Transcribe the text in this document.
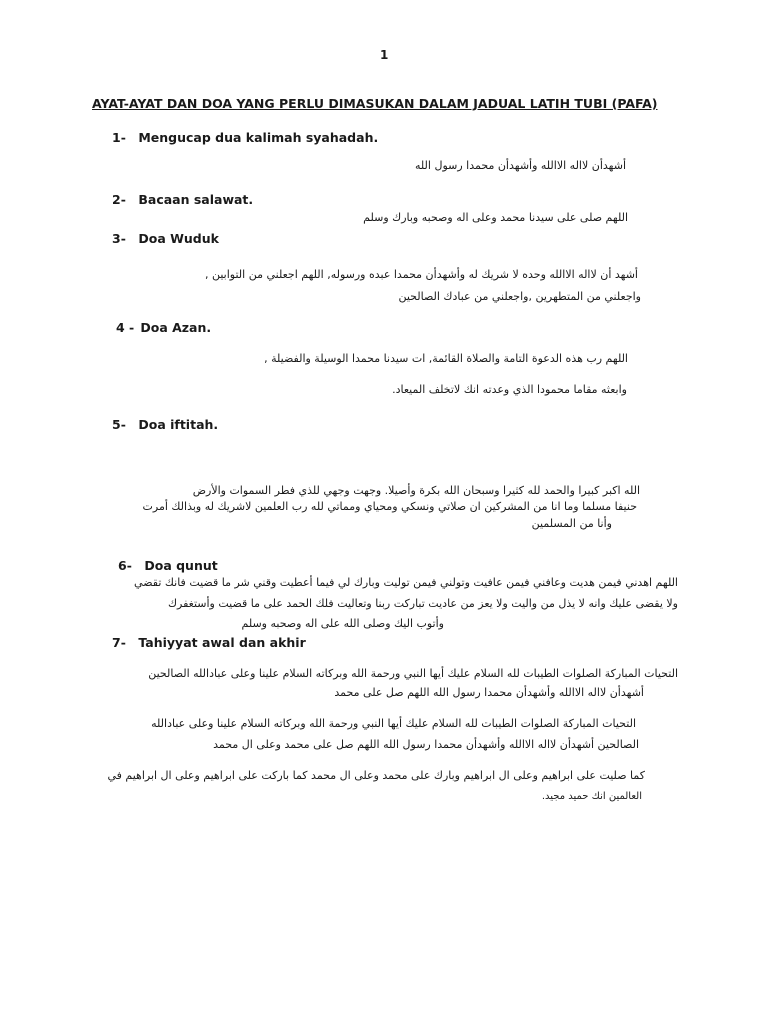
1
AYAT-AYAT DAN DOA YANG PERLU DIMASUKAN DALAM JADUAL LATIH TUBI (PAFA)
1- Mengucap dua kalimah syahadah.
أشهدأن لااله الاالله وأشهدأن محمدا رسول الله
2- Bacaan salawat.
اللهم صلى على سيدنا محمد وعلى اله وصحبه وبارك وسلم
3- Doa Wuduk
أشهد أن لااله الاالله وحده لا شريك له وأشهدأن محمدا عبده ورسوله, اللهم اجعلني من التوابين ,
واجعلني من المتطهرين ,واجعلني من عبادك الصالحين
4 - Doa Azan.
اللهم رب هذه الدعوة التامة والصلاة القائمة, ات سيدنا محمدا الوسيلة والفضيلة ,
وابعثه مقاما محمودا الذي وعدته انك لاتخلف الميعاد.
5- Doa iftitah.
الله اكبر كبيرا والحمد لله كثيرا وسبحان الله بكرة وأصيلا. وجهت وجهي للذي فطر السموات والأرض
حنيفا مسلما وما انا من المشركين ان صلاتي ونسكي ومحياي ومماتي لله رب العلمين لاشريك له وبذالك أمرت
وأنا من المسلمين
6- Doa qunut
اللهم اهدني فيمن هديت وعافني فيمن عافيت وتولني فيمن توليت وبارك لي فيما أعطيت وقني شر ما قضيت فانك تقضي
ولا يقضى عليك وانه لا يذل من واليت ولا يعز من عاديت تباركت ربنا وتعاليت فلك الحمد على ما قضيت وأستغفرك
وأتوب اليك وصلى الله على اله وصحبه وسلم
7- Tahiyyat awal dan akhir
التحيات المباركة الصلوات الطيبات لله السلام عليك أيها النبي ورحمة الله وبركاته السلام علينا وعلى عبادالله الصالحين
أشهدأن لااله الاالله وأشهدأن محمدا رسول الله اللهم صل على محمد
التحيات المباركة الصلوات الطيبات لله السلام عليك أيها النبي ورحمة الله وبركاته السلام علينا وعلى عبادالله
الصالحين أشهدأن لااله الاالله وأشهدأن محمدا رسول الله اللهم صل على محمد وعلى ال محمد
كما صليت على ابراهيم وعلى ال ابراهيم وبارك على محمد وعلى ال محمد كما باركت على ابراهيم وعلى ال ابراهيم في
العالمين انك حميد مجيد.
